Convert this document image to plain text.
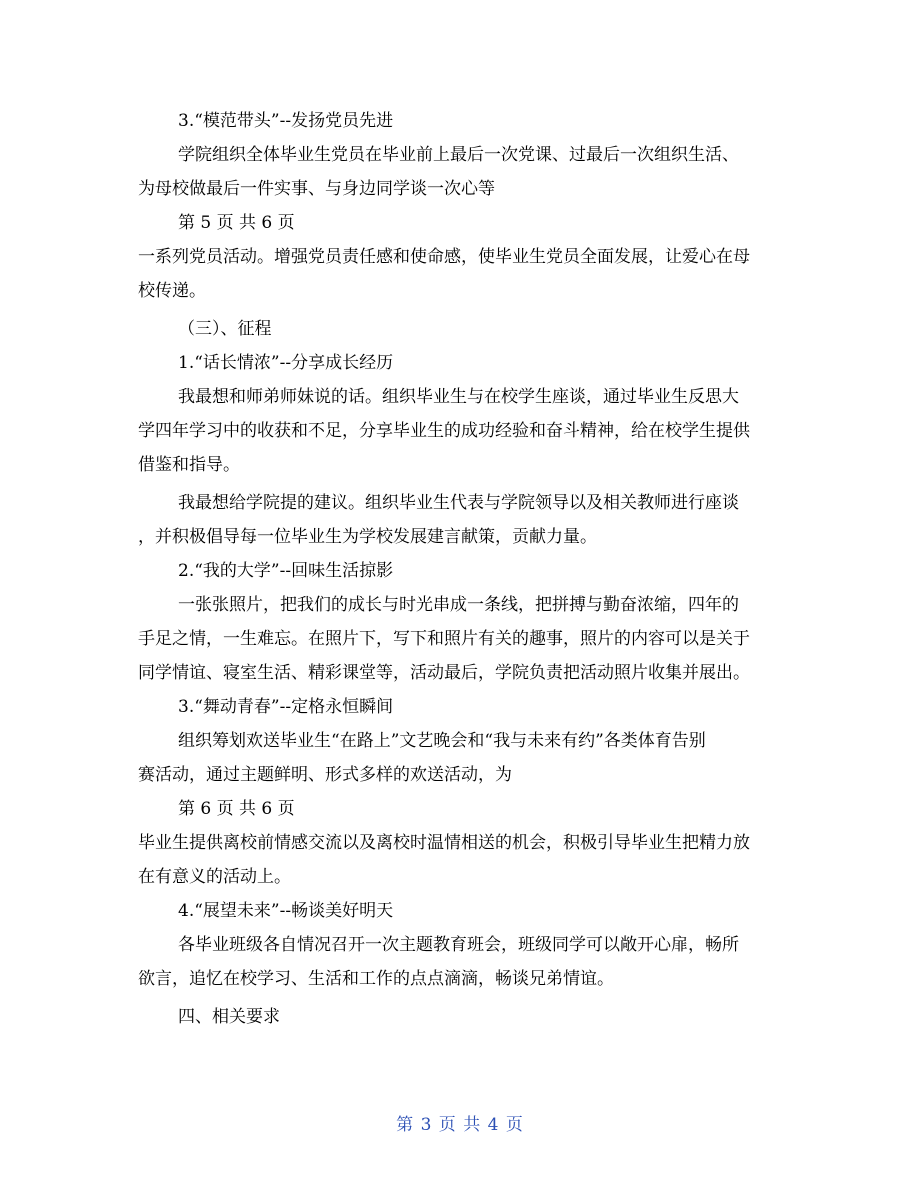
3.“模范带头”--发扬党员先进

学院组织全体毕业生党员在毕业前上最后一次党课、过最后一次组织生活、

为母校做最后一件实事、与身边同学谈一次心等

第 5 页 共 6 页

一系列党员活动。增强党员责任感和使命感，使毕业生党员全面发展，让爱心在母

校传递。

（三）、征程

1.“话长情浓”--分享成长经历

我最想和师弟师妹说的话。组织毕业生与在校学生座谈，通过毕业生反思大

学四年学习中的收获和不足，分享毕业生的成功经验和奋斗精神，给在校学生提供

借鉴和指导。

我最想给学院提的建议。组织毕业生代表与学院领导以及相关教师进行座谈

，并积极倡导每一位毕业生为学校发展建言献策，贡献力量。

2.“我的大学”--回味生活掠影

一张张照片，把我们的成长与时光串成一条线，把拼搏与勤奋浓缩，四年的

手足之情，一生难忘。在照片下，写下和照片有关的趣事，照片的内容可以是关于

同学情谊、寝室生活、精彩课堂等，活动最后，学院负责把活动照片收集并展出。

3.“舞动青春”--定格永恒瞬间

组织筹划欢送毕业生“在路上”文艺晚会和“我与未来有约”各类体育告别

赛活动，通过主题鲜明、形式多样的欢送活动，为

第 6 页 共 6 页

毕业生提供离校前情感交流以及离校时温情相送的机会，积极引导毕业生把精力放

在有意义的活动上。

4.“展望未来”--畅谈美好明天

各毕业班级各自情况召开一次主题教育班会，班级同学可以敞开心扉，畅所

欲言，追忆在校学习、生活和工作的点点滴滴，畅谈兄弟情谊。

四、相关要求

第 3 页 共 4 页
